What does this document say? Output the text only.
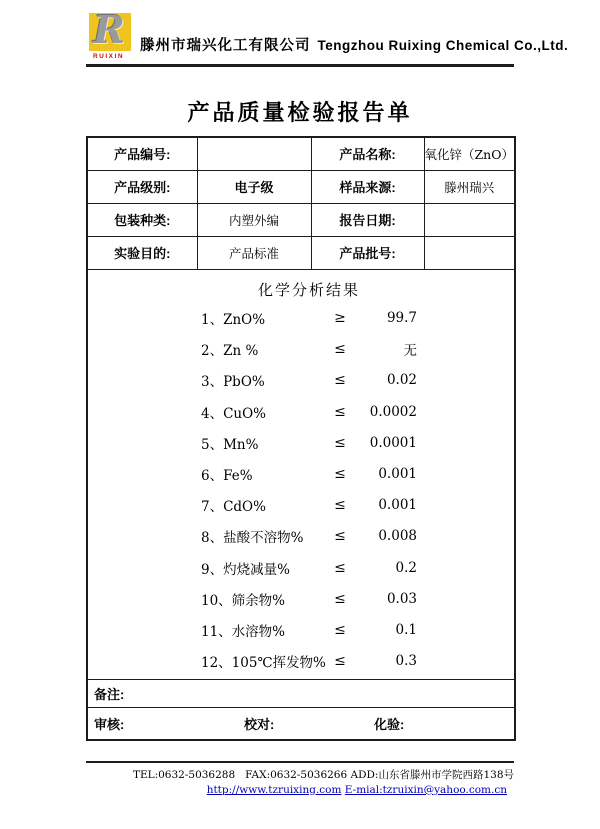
R
RUIXIN
滕州市瑞兴化工有限公司 Tengzhou Ruixing Chemical Co.,Ltd.
产品质量检验报告单
产品编号:		产品名称:	氧化锌（ZnO）
产品级别:	电子级	样品来源:	滕州瑞兴
包装种类:	内塑外编	报告日期:	
实验目的:	产品标准	产品批号:	

化学分析结果
1、ZnO%	≥	99.7
2、Zn %	≤	无
3、PbO%	≤	0.02
4、CuO%	≤	0.0002
5、Mn%	≤	0.0001
6、Fe%	≤	0.001
7、CdO%	≤	0.001
8、盐酸不溶物%	≤	0.008
9、灼烧减量%	≤	0.2
10、筛余物%	≤	0.03
11、水溶物%	≤	0.1
12、105℃挥发物% ≤	0.3

备注:			

审核: 校对: 化验:			
TEL:0632-5036288   FAX:0632-5036266 ADD:山东省滕州市学院西路138号
http://www.tzruixing.com E-mial:tzruixin@yahoo.com.cn
